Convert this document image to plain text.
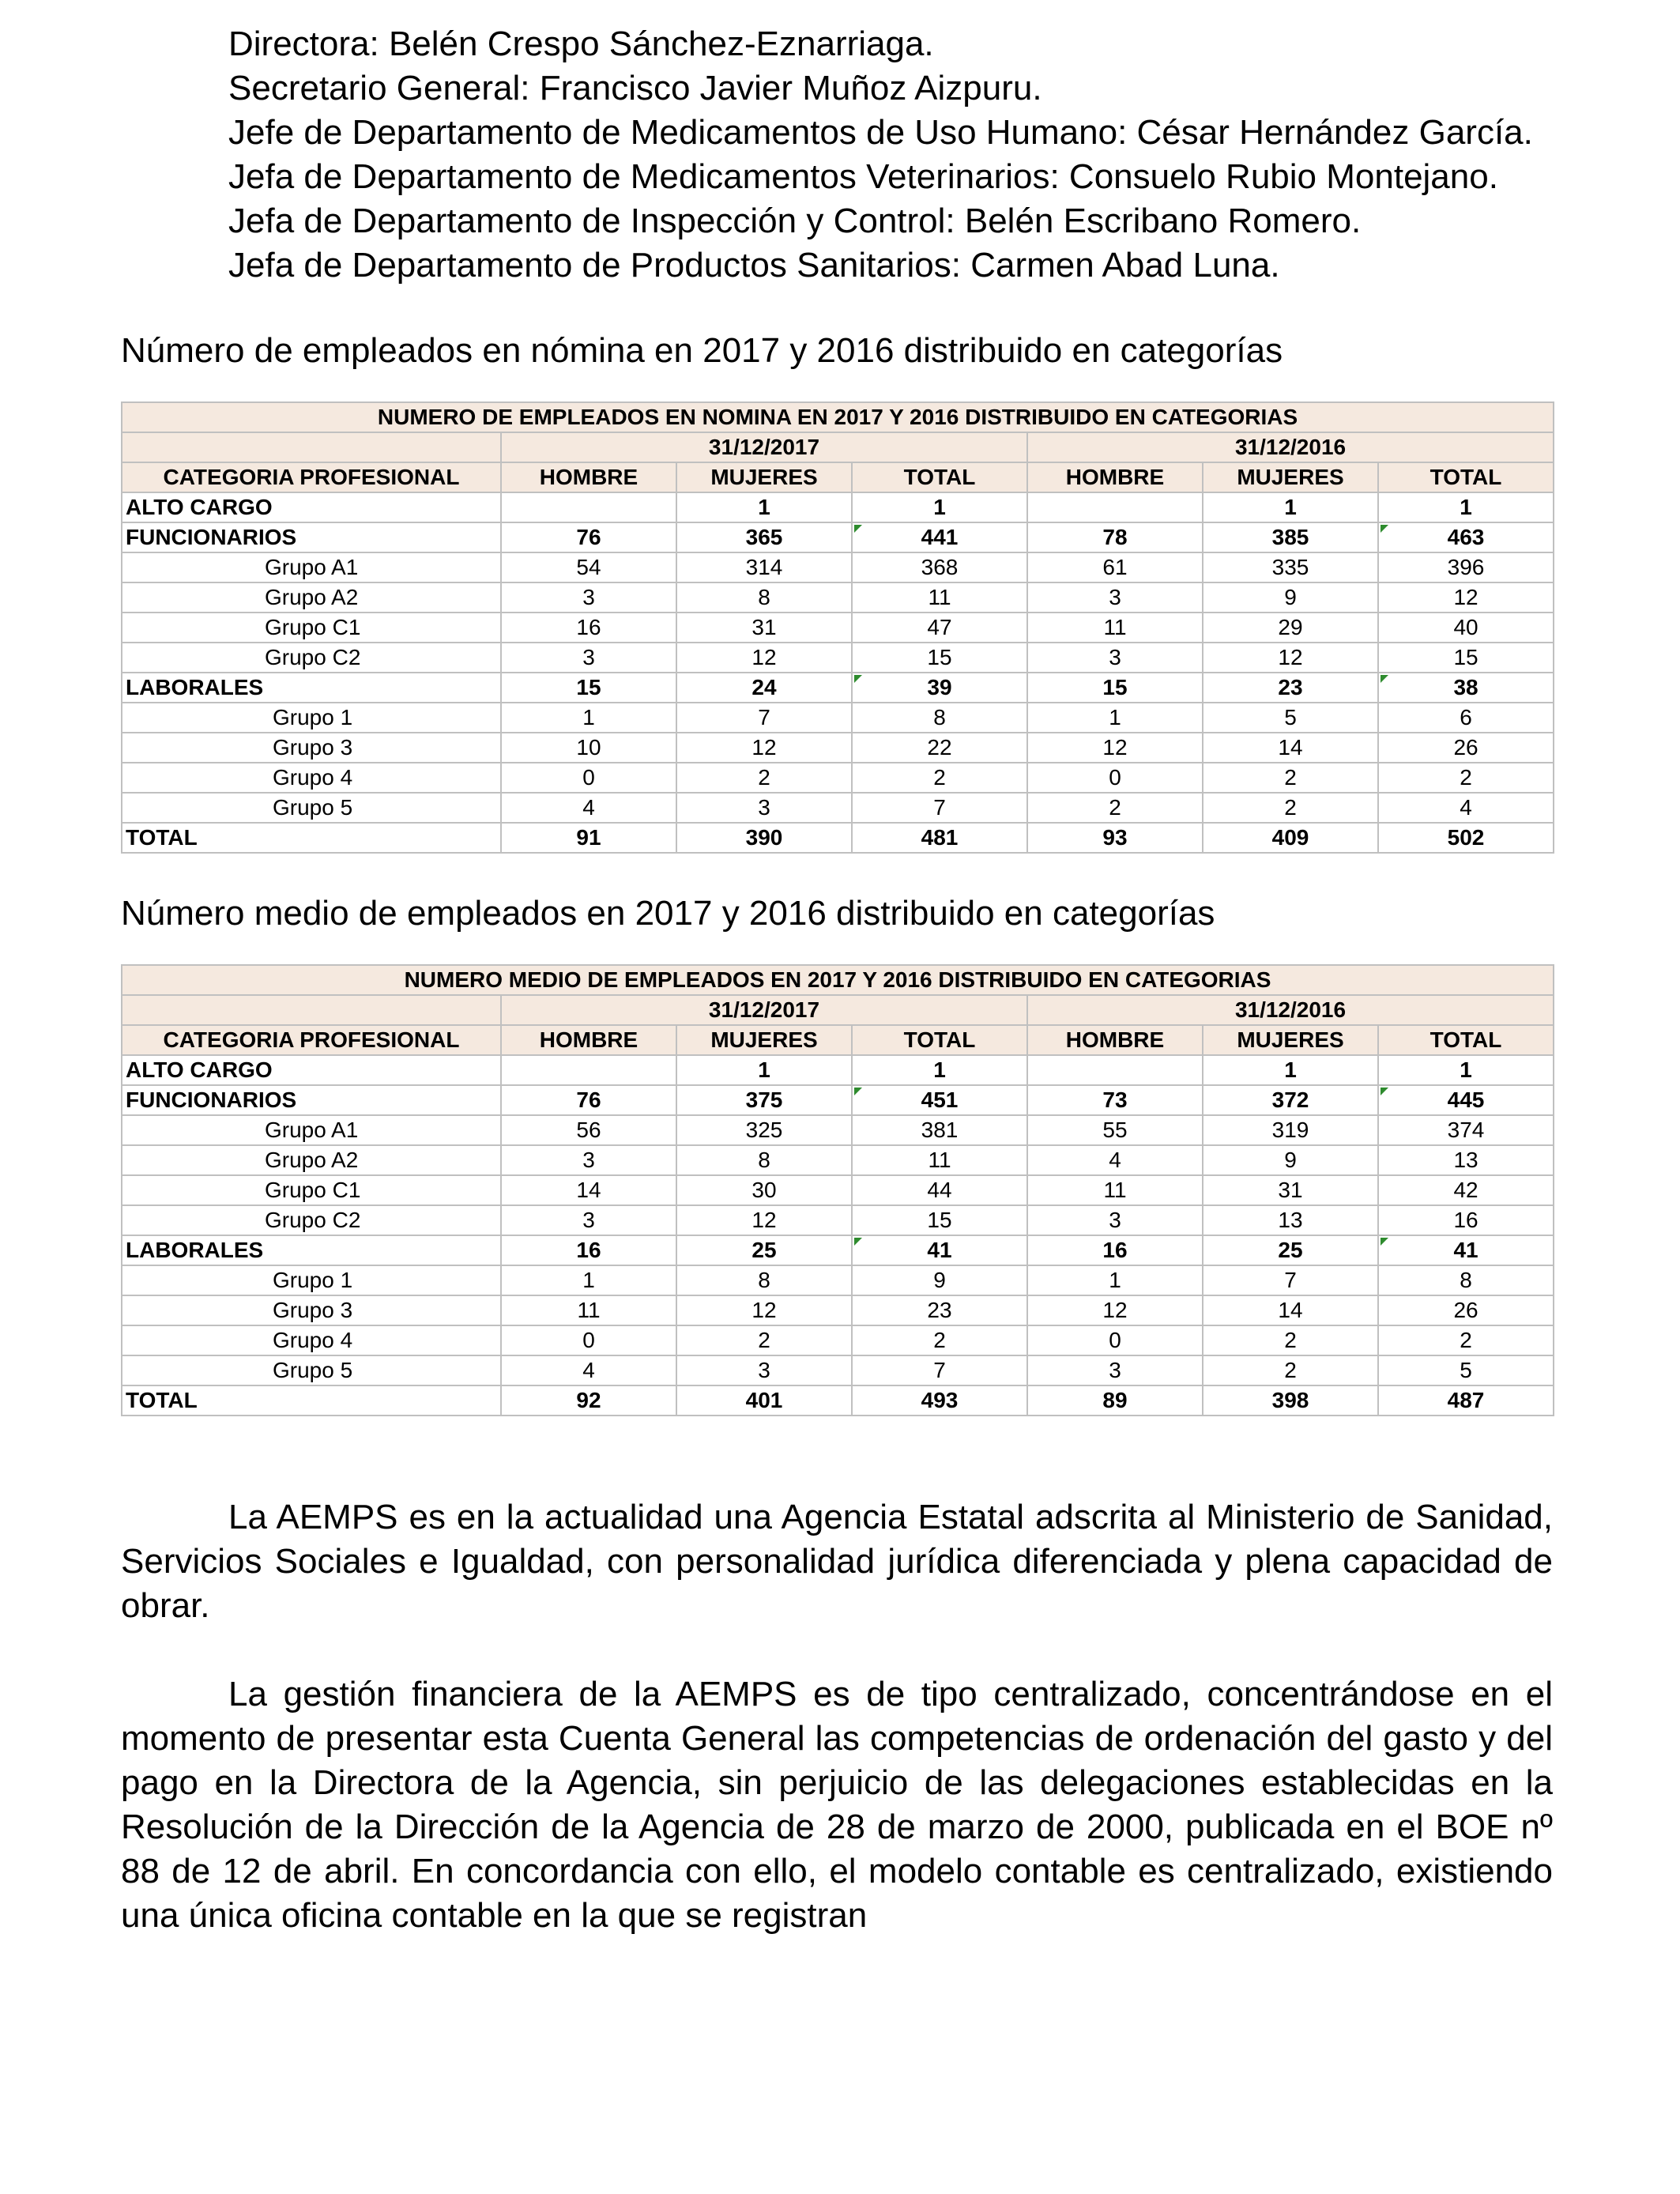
Directora: Belén Crespo Sánchez-Eznarriaga.

Secretario General: Francisco Javier Muñoz Aizpuru.

Jefe de Departamento de Medicamentos de Uso Humano: César Hernández García.

Jefa de Departamento de Medicamentos Veterinarios: Consuelo Rubio Montejano.

Jefa de Departamento de Inspección y Control: Belén Escribano Romero.

Jefa de Departamento de Productos Sanitarios: Carmen Abad Luna.

Número de empleados en nómina en 2017 y 2016 distribuido en categorías

NUMERO DE EMPLEADOS EN NOMINA EN 2017 Y 2016 DISTRIBUIDO EN CATEGORIAS						
	31/12/2017			31/12/2016		
CATEGORIA PROFESIONAL	HOMBRE	MUJERES	TOTAL	HOMBRE	MUJERES	TOTAL
ALTO CARGO		1	1		1	1
FUNCIONARIOS	76	365	441	78	385	463
Grupo A1	54	314	368	61	335	396
Grupo A2	3	8	11	3	9	12
Grupo C1	16	31	47	11	29	40
Grupo C2	3	12	15	3	12	15
LABORALES	15	24	39	15	23	38
Grupo 1	1	7	8	1	5	6
Grupo 3	10	12	22	12	14	26
Grupo 4	0	2	2	0	2	2
Grupo 5	4	3	7	2	2	4
TOTAL	91	390	481	93	409	502

Número medio de empleados en 2017 y 2016 distribuido en categorías

NUMERO MEDIO DE EMPLEADOS EN 2017 Y 2016 DISTRIBUIDO EN CATEGORIAS						
	31/12/2017			31/12/2016		
CATEGORIA PROFESIONAL	HOMBRE	MUJERES	TOTAL	HOMBRE	MUJERES	TOTAL
ALTO CARGO		1	1		1	1
FUNCIONARIOS	76	375	451	73	372	445
Grupo A1	56	325	381	55	319	374
Grupo A2	3	8	11	4	9	13
Grupo C1	14	30	44	11	31	42
Grupo C2	3	12	15	3	13	16
LABORALES	16	25	41	16	25	41
Grupo 1	1	8	9	1	7	8
Grupo 3	11	12	23	12	14	26
Grupo 4	0	2	2	0	2	2
Grupo 5	4	3	7	3	2	5
TOTAL	92	401	493	89	398	487

La AEMPS es en la actualidad una Agencia Estatal adscrita al Ministerio de Sanidad, Servicios Sociales e Igualdad, con personalidad jurídica diferenciada y plena capacidad de obrar.

La gestión financiera de la AEMPS es de tipo centralizado, concentrándose en el momento de presentar esta Cuenta General las competencias de ordenación del gasto y del pago en la Directora de la Agencia, sin perjuicio de las delegaciones establecidas en la Resolución de la Dirección de la Agencia de 28 de marzo de 2000, publicada en el BOE nº 88 de 12 de abril. En concordancia con ello, el modelo contable es centralizado, existiendo una única oficina contable en la que se registran
